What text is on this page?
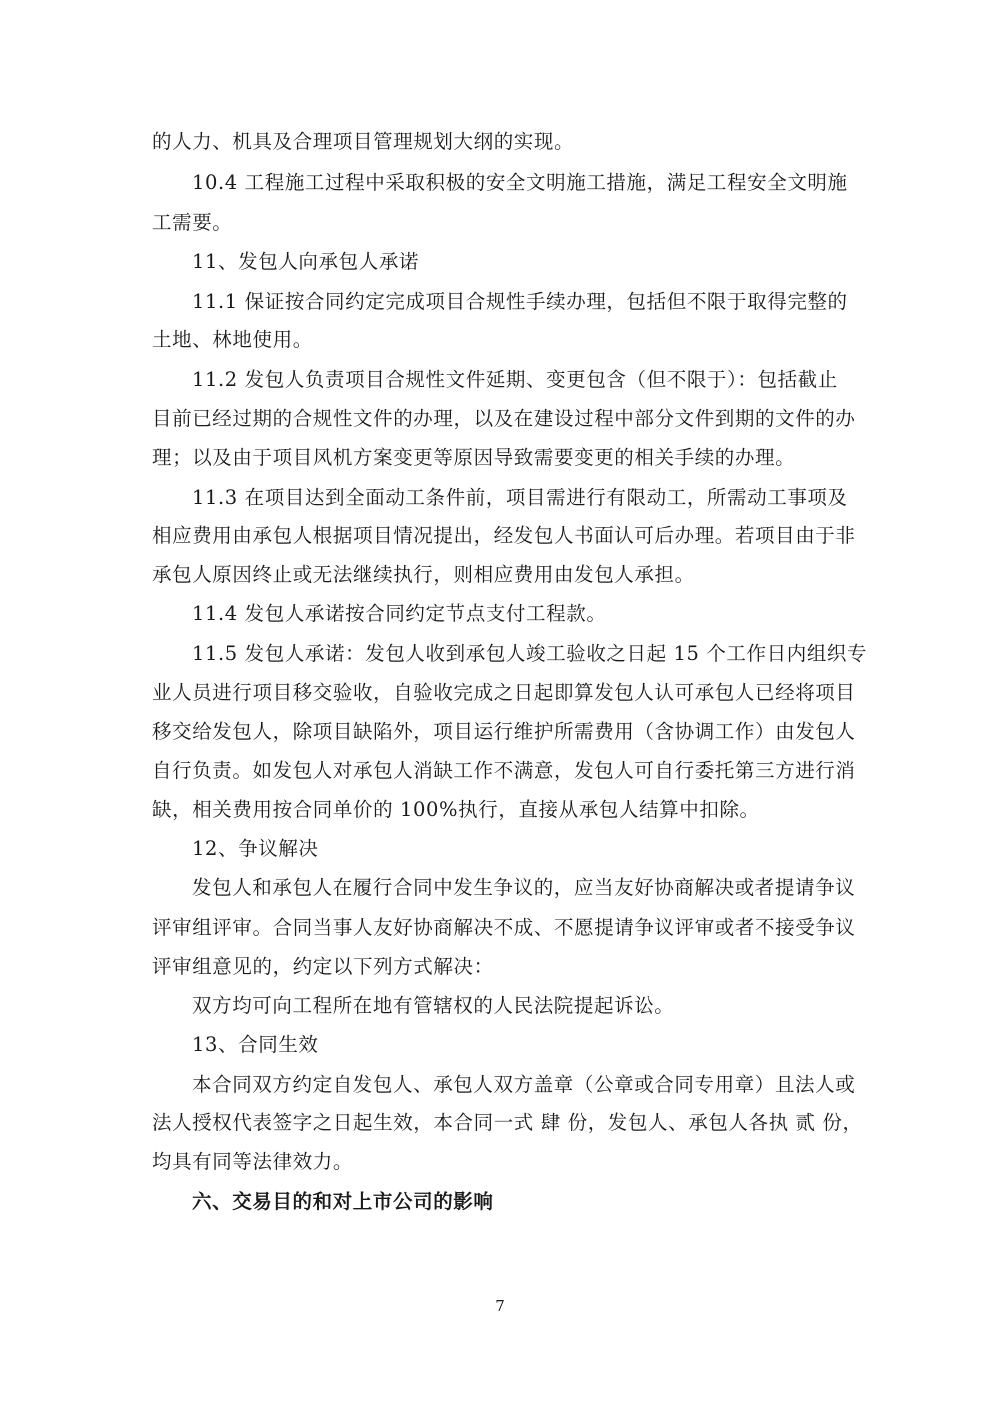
的人力、机具及合理项目管理规划大纲的实现。
10.4 工程施工过程中采取积极的安全文明施工措施，满足工程安全文明施
工需要。
11、发包人向承包人承诺
11.1 保证按合同约定完成项目合规性手续办理，包括但不限于取得完整的
土地、林地使用。
11.2 发包人负责项目合规性文件延期、变更包含（但不限于）：包括截止
目前已经过期的合规性文件的办理，以及在建设过程中部分文件到期的文件的办
理；以及由于项目风机方案变更等原因导致需要变更的相关手续的办理。
11.3 在项目达到全面动工条件前，项目需进行有限动工，所需动工事项及
相应费用由承包人根据项目情况提出，经发包人书面认可后办理。若项目由于非
承包人原因终止或无法继续执行，则相应费用由发包人承担。
11.4 发包人承诺按合同约定节点支付工程款。
11.5 发包人承诺：发包人收到承包人竣工验收之日起 15 个工作日内组织专
业人员进行项目移交验收，自验收完成之日起即算发包人认可承包人已经将项目
移交给发包人，除项目缺陷外，项目运行维护所需费用（含协调工作）由发包人
自行负责。如发包人对承包人消缺工作不满意，发包人可自行委托第三方进行消
缺，相关费用按合同单价的 100%执行，直接从承包人结算中扣除。
12、争议解决
发包人和承包人在履行合同中发生争议的，应当友好协商解决或者提请争议
评审组评审。合同当事人友好协商解决不成、不愿提请争议评审或者不接受争议
评审组意见的，约定以下列方式解决：
双方均可向工程所在地有管辖权的人民法院提起诉讼。
13、合同生效
本合同双方约定自发包人、承包人双方盖章（公章或合同专用章）且法人或
法人授权代表签字之日起生效，本合同一式 肆 份，发包人、承包人各执 贰 份，
均具有同等法律效力。
六、交易目的和对上市公司的影响
7
